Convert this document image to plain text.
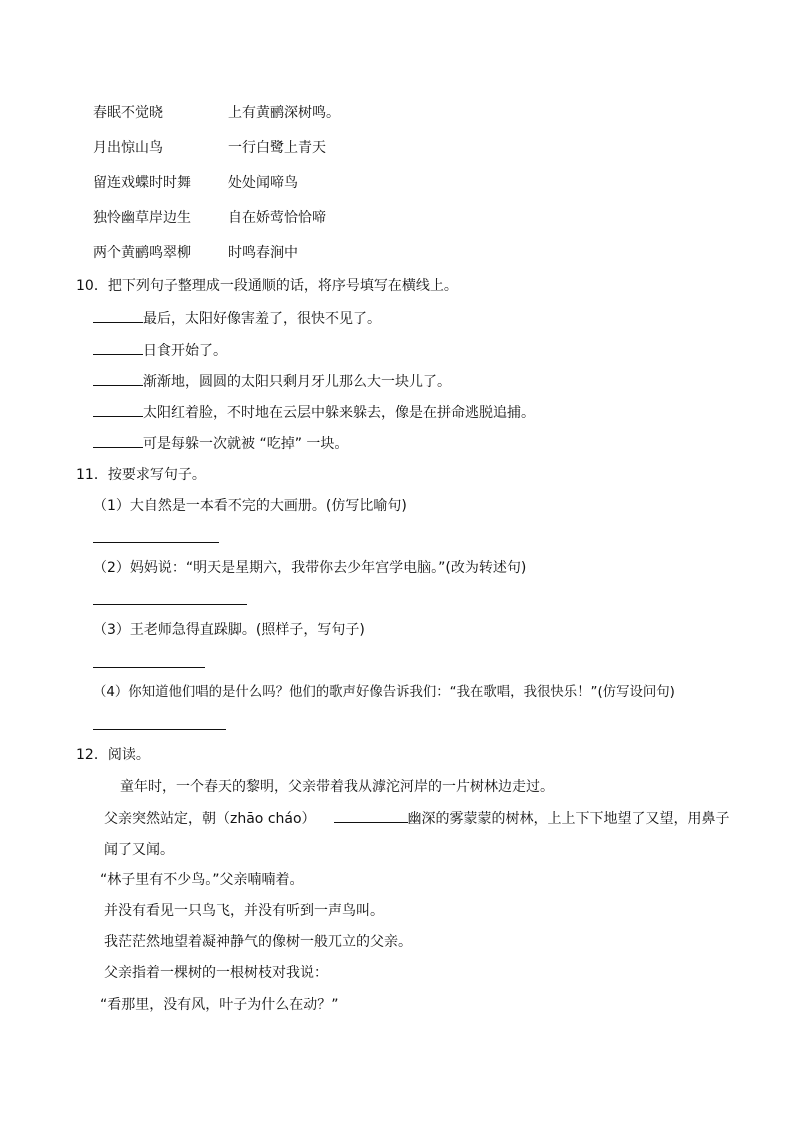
春眠不觉晓	上有黄鹂深树鸣。
月出惊山鸟	一行白鹭上青天
留连戏蝶时时舞	处处闻啼鸟
独怜幽草岸边生	自在娇莺恰恰啼
两个黄鹂鸣翠柳	时鸣春涧中
10．把下列句子整理成一段通顺的话，将序号填写在横线上。
最后，太阳好像害羞了，很快不见了。
日食开始了。
渐渐地，圆圆的太阳只剩月牙儿那么大一块儿了。
太阳红着脸，不时地在云层中躲来躲去，像是在拼命逃脱追捕。
可是每躲一次就被 “吃掉” 一块。
11．按要求写句子。
（1）大自然是一本看不完的大画册。(仿写比喻句)
（2）妈妈说：“明天是星期六，我带你去少年宫学电脑。”(改为转述句)
（3）王老师急得直跺脚。(照样子，写句子)
（4）你知道他们唱的是什么吗？他们的歌声好像告诉我们：“我在歌唱，我很快乐！”(仿写设问句)
12．阅读。
童年时，一个春天的黎明，父亲带着我从滹沱河岸的一片树林边走过。
父亲突然站定，朝（zhāo cháo）	幽深的雾蒙蒙的树林，上上下下地望了又望，用鼻子
闻了又闻。
“林子里有不少鸟。”父亲喃喃着。
并没有看见一只鸟飞，并没有听到一声鸟叫。
我茫茫然地望着凝神静气的像树一般兀立的父亲。
父亲指着一棵树的一根树枝对我说：
“看那里，没有风，叶子为什么在动？”
